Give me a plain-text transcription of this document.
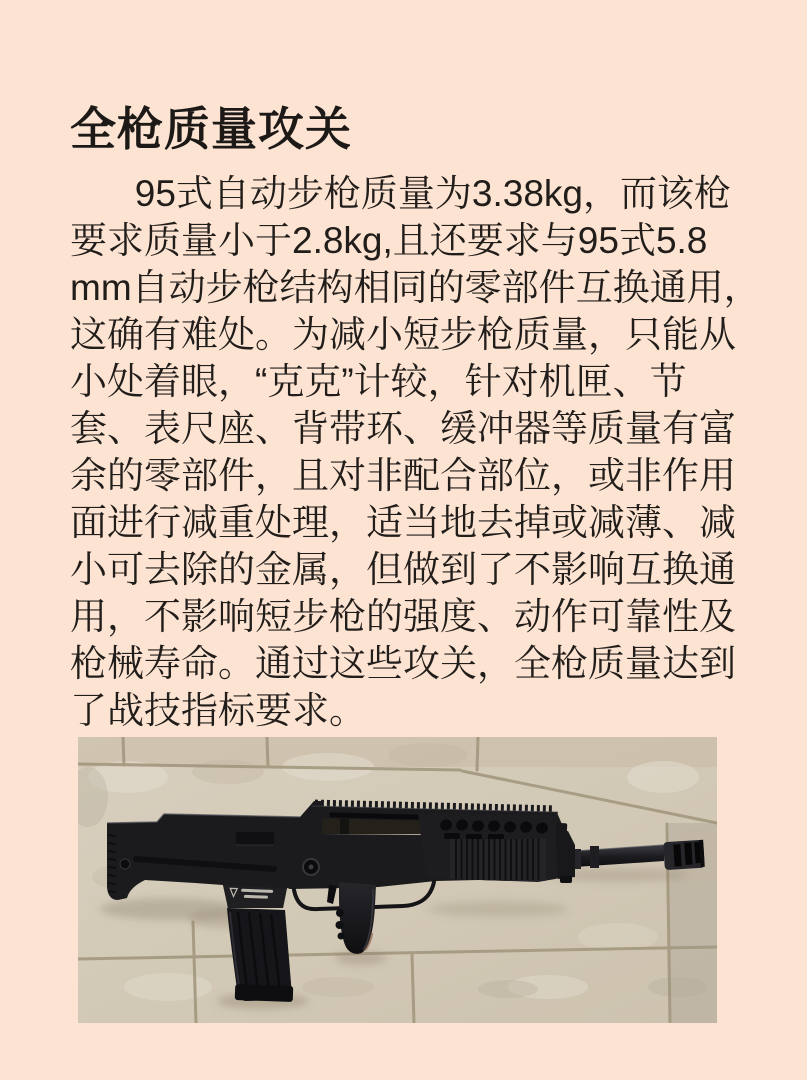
全枪质量攻关
95式自动步枪质量为3.38kg，而该枪
要求质量小于2.8kg,且还要求与95式5.8
mm自动步枪结构相同的零部件互换通用，
这确有难处。为减小短步枪质量，只能从
小处着眼，“克克”计较，针对机匣、节
套、表尺座、背带环、缓冲器等质量有富
余的零部件，且对非配合部位，或非作用
面进行减重处理，适当地去掉或减薄、减
小可去除的金属，但做到了不影响互换通
用，不影响短步枪的强度、动作可靠性及
枪械寿命。通过这些攻关，全枪质量达到
了战技指标要求。
